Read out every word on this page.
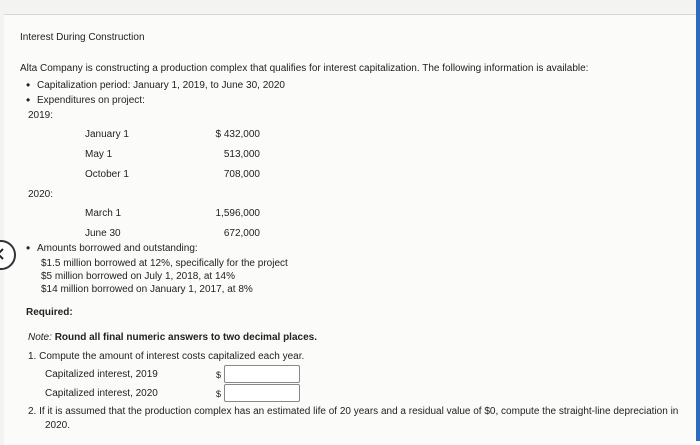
Interest During Construction
Alta Company is constructing a production complex that qualifies for interest capitalization. The following information is available:
• Capitalization period: January 1, 2019, to June 30, 2020
• Expenditures on project:
2019:
January 1	$ 432,000
May 1	513,000
October 1	708,000
2020:
March 1	1,596,000
June 30	672,000
• Amounts borrowed and outstanding:
$1.5 million borrowed at 12%, specifically for the project
$5 million borrowed on July 1, 2018, at 14%
$14 million borrowed on January 1, 2017, at 8%
Required:
Note: Round all final numeric answers to two decimal places.
1. Compute the amount of interest costs capitalized each year.
Capitalized interest, 2019	$
Capitalized interest, 2020	$
2. If it is assumed that the production complex has an estimated life of 20 years and a residual value of $0, compute the straight-line depreciation in
2020.
